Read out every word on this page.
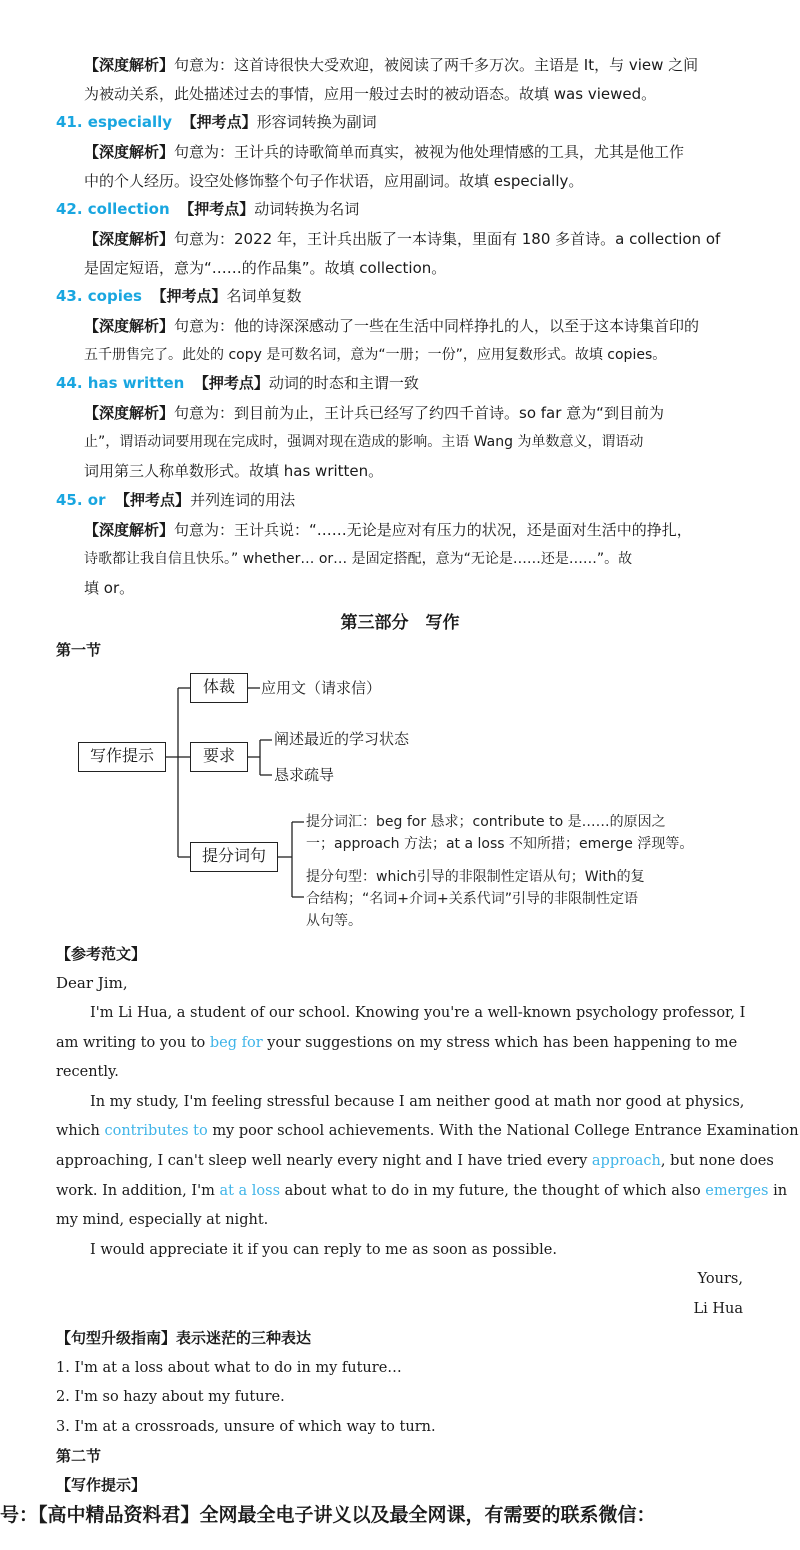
【深度解析】句意为：这首诗很快大受欢迎，被阅读了两千多万次。主语是 It，与 view 之间
为被动关系，此处描述过去的事情，应用一般过去时的被动语态。故填 was viewed。
41. especially 【押考点】形容词转换为副词
【深度解析】句意为：王计兵的诗歌简单而真实，被视为他处理情感的工具，尤其是他工作
中的个人经历。设空处修饰整个句子作状语，应用副词。故填 especially。
42. collection 【押考点】动词转换为名词
【深度解析】句意为：2022 年，王计兵出版了一本诗集，里面有 180 多首诗。a collection of
是固定短语，意为“……的作品集”。故填 collection。
43. copies 【押考点】名词单复数
【深度解析】句意为：他的诗深深感动了一些在生活中同样挣扎的人，以至于这本诗集首印的
五千册售完了。此处的 copy 是可数名词，意为“一册；一份”，应用复数形式。故填 copies。
44. has written 【押考点】动词的时态和主谓一致
【深度解析】句意为：到目前为止，王计兵已经写了约四千首诗。so far 意为“到目前为
止”，谓语动词要用现在完成时，强调对现在造成的影响。主语 Wang 为单数意义，谓语动
词用第三人称单数形式。故填 has written。
45. or 【押考点】并列连词的用法
【深度解析】句意为：王计兵说：“……无论是应对有压力的状况，还是面对生活中的挣扎，
诗歌都让我自信且快乐。” whether… or… 是固定搭配，意为“无论是……还是……”。故
填 or。
第三部分　写作
第一节
写作提示
体裁
要求
提分词句
应用文（请求信）
阐述最近的学习状态
恳求疏导
提分词汇：beg for 恳求；contribute to 是……的原因之
一；approach 方法；at a loss 不知所措；emerge 浮现等。
提分句型：which引导的非限制性定语从句；With的复
合结构；“名词+介词+关系代词”引导的非限制性定语
从句等。
【参考范文】
Dear Jim,
I'm Li Hua, a student of our school. Knowing you're a well-known psychology professor, I
am writing to you to beg for your suggestions on my stress which has been happening to me
recently.
In my study, I'm feeling stressful because I am neither good at math nor good at physics,
which contributes to my poor school achievements. With the National College Entrance Examination
approaching, I can't sleep well nearly every night and I have tried every approach, but none does
work. In addition, I'm at a loss about what to do in my future, the thought of which also emerges in
my mind, especially at night.
I would appreciate it if you can reply to me as soon as possible.
Yours,
Li Hua
【句型升级指南】表示迷茫的三种表达
1. I'm at a loss about what to do in my future…
2. I'm so hazy about my future.
3. I'm at a crossroads, unsure of which way to turn.
第二节
【写作提示】
号：【高中精品资料君】全网最全电子讲义以及最全网课，有需要的联系微信：
